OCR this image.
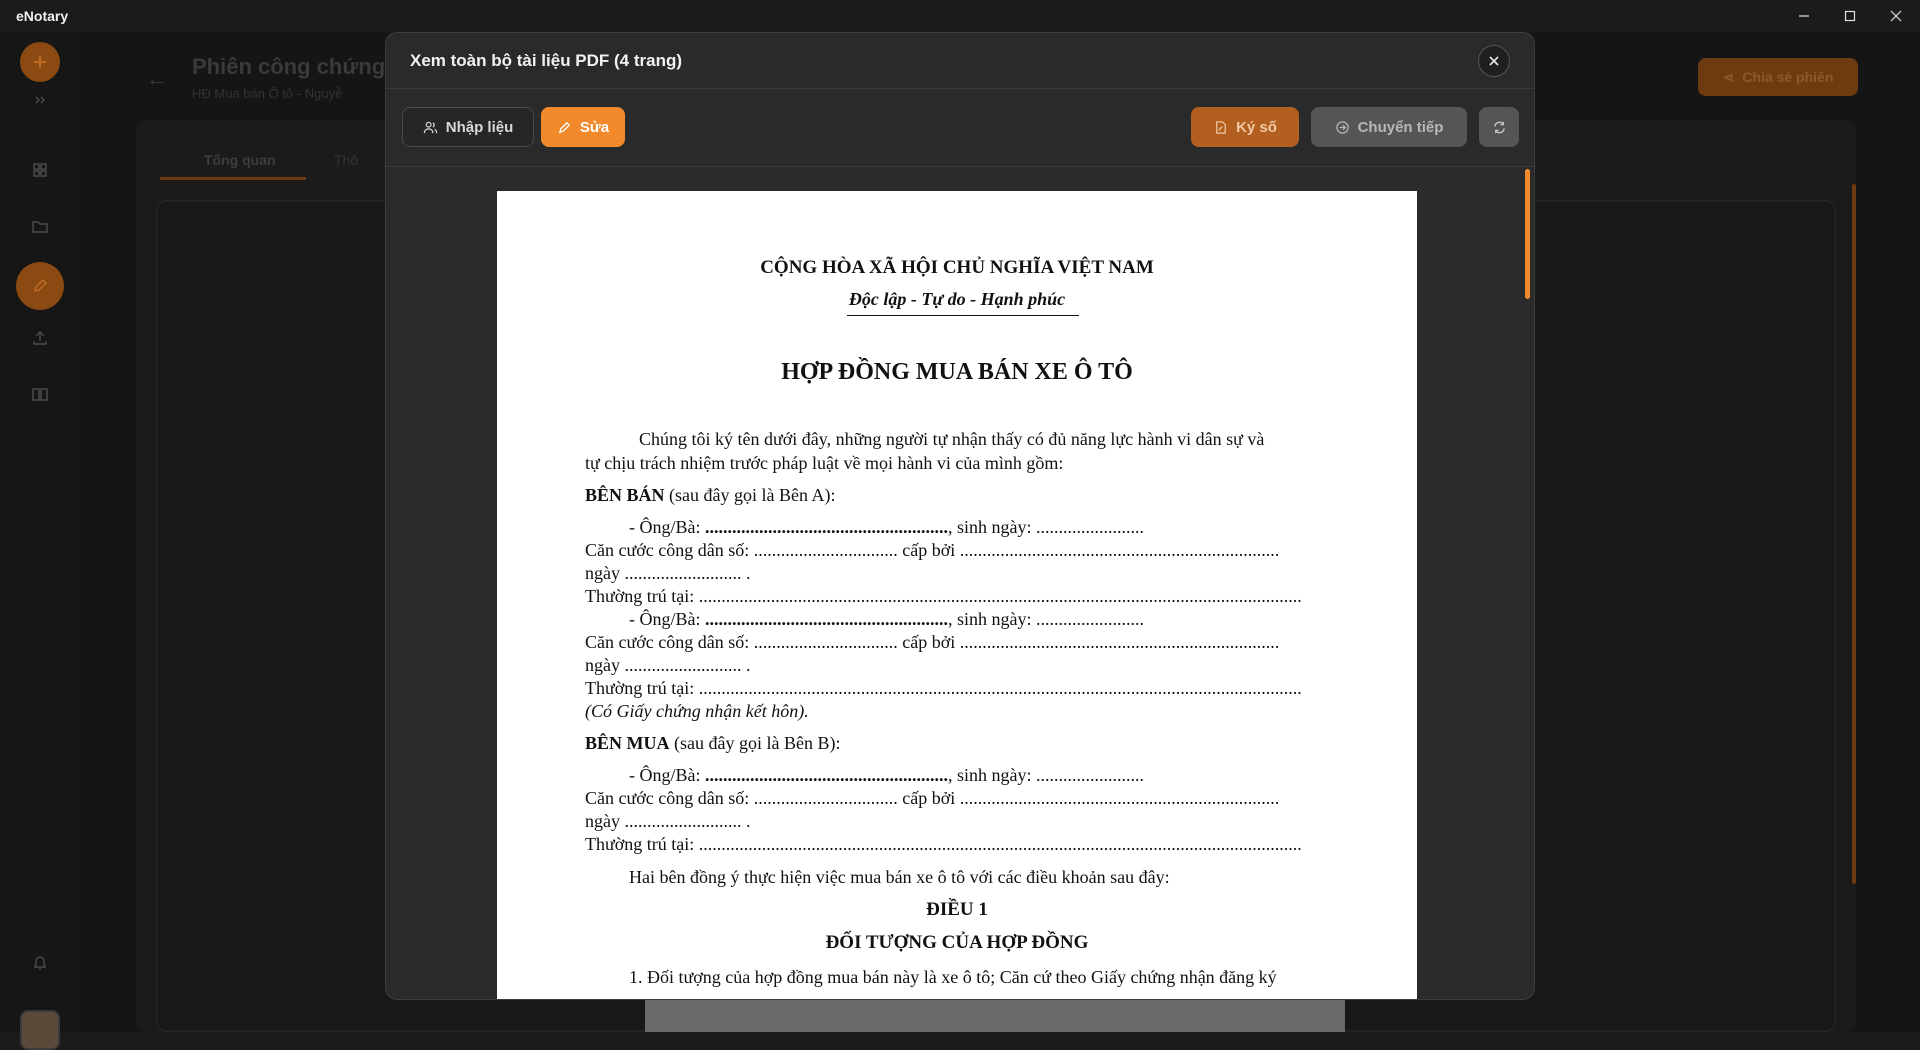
eNotary
← Phiên công chứng
HĐ Mua bán Ô tô - Nguyễ
⋖ Chia sẻ phiên
Tổng quan	Thô
Xem toàn bộ tài liệu PDF (4 trang)
Nhập liệu	Sửa	Ký số	Chuyển tiếp
CỘNG HÒA XÃ HỘI CHỦ NGHĨA VIỆT NAM
Độc lập - Tự do - Hạnh phúc
HỢP ĐỒNG MUA BÁN XE Ô TÔ
Chúng tôi ký tên dưới đây, những người tự nhận thấy có đủ năng lực hành vi dân sự và
tự chịu trách nhiệm trước pháp luật về mọi hành vi của mình gồm:
BÊN BÁN (sau đây gọi là Bên A):
- Ông/Bà: ......................................................, sinh ngày: ........................
Căn cước công dân số: ................................ cấp bởi .......................................................................
ngày .......................... .
Thường trú tại: ......................................................................................................................................
- Ông/Bà: ......................................................, sinh ngày: ........................
Căn cước công dân số: ................................ cấp bởi .......................................................................
ngày .......................... .
Thường trú tại: ......................................................................................................................................
(Có Giấy chứng nhận kết hôn).
BÊN MUA (sau đây gọi là Bên B):
- Ông/Bà: ......................................................, sinh ngày: ........................
Căn cước công dân số: ................................ cấp bởi .......................................................................
ngày .......................... .
Thường trú tại: ......................................................................................................................................
Hai bên đồng ý thực hiện việc mua bán xe ô tô với các điều khoản sau đây:
ĐIỀU 1
ĐỐI TƯỢNG CỦA HỢP ĐỒNG
1. Đối tượng của hợp đồng mua bán này là xe ô tô; Căn cứ theo Giấy chứng nhận đăng ký
